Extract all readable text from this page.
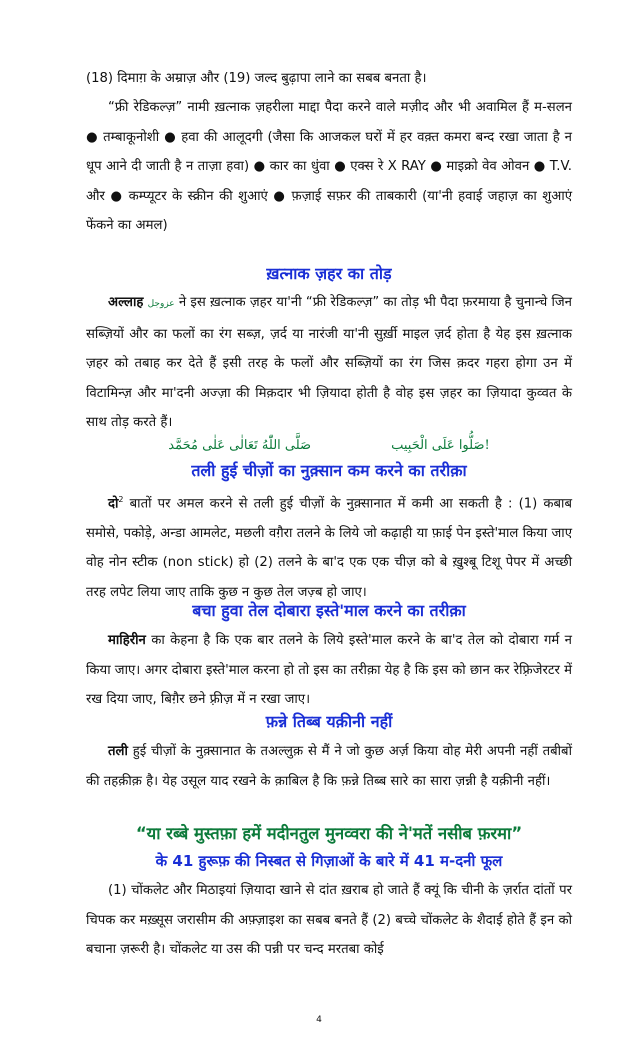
(18) दिमाग़ के अम्राज़ और (19) जल्द बुढ़ापा लाने का सबब बनता है।

“फ्री रेडिकल्ज़” नामी ख़त्नाक ज़हरीला माद्दा पैदा करने वाले मज़ीद और भी अवामिल हैं म-सलन ● तम्बाकूनोशी ● हवा की आलूदगी (जैसा कि आजकल घरों में हर वक़्त कमरा बन्द रखा जाता है न धूप आने दी जाती है न ताज़ा हवा) ● कार का धुंवा ● एक्स रे X RAY ● माइक्रो वेव ओवन ● T.V. और ● कम्प्यूटर के स्क्रीन की शुआएं ● फ़ज़ाई सफ़र की ताबकारी (या'नी हवाई जहाज़ का शुआएं फेंकने का अमल)

ख़त्नाक ज़हर का तोड़

अल्लाह عزوجل ने इस ख़त्नाक ज़हर या'नी “फ्री रेडिकल्ज़” का तोड़ भी पैदा फ़रमाया है चुनान्चे जिन सब्ज़ियों और का फलों का रंग सब्ज़, ज़र्द या नारंजी या'नी सुर्ख़ी माइल ज़र्द होता है येह इस ख़त्नाक ज़हर को तबाह कर देते हैं इसी तरह के फलों और सब्ज़ियों का रंग जिस क़दर गहरा होगा उन में विटामिन्ज़ और मा'दनी अज्ज़ा की मिक़दार भी ज़ियादा होती है वोह इस ज़हर का ज़ियादा कुव्वत के साथ तोड़ करते हैं।

صَلَّى اللّٰهُ تَعَالٰى عَلٰى مُحَمَّد	صَلُّوا عَلَى الْحَبِيب!
तली हुई चीज़ों का नुक़्सान कम करने का तरीक़ा

दो$^2$ बातों पर अमल करने से तली हुई चीज़ों के नुक़्सानात में कमी आ सकती है : (1) कबाब समोसे, पकोड़े, अन्डा आमलेट, मछली वग़ैरा तलने के लिये जो कढ़ाही या फ़ाई पेन इस्ते'माल किया जाए वोह नोन स्टीक (non stick) हो (2) तलने के बा'द एक एक चीज़ को बे ख़ुश्बू टिशू पेपर में अच्छी तरह लपेट लिया जाए ताकि कुछ न कुछ तेल जज़्ब हो जाए।

बचा हुवा तेल दोबारा इस्ते'माल करने का तरीक़ा

माहिरीन का केहना है कि एक बार तलने के लिये इस्ते'माल करने के बा'द तेल को दोबारा गर्म न किया जाए। अगर दोबारा इस्ते'माल करना हो तो इस का तरीक़ा येह है कि इस को छान कर रेफ़्रिजेरटर में रख दिया जाए, बिग़ैर छने फ़्रीज़ में न रखा जाए।

फ़न्ने तिब्ब यक़ीनी नहीं

तली हुई चीज़ों के नुक़्सानात के तअल्लुक़ से मैं ने जो कुछ अर्ज़ किया वोह मेरी अपनी नहीं तबीबों की तहक़ीक़ है। येह उसूल याद रखने के क़ाबिल है कि फ़न्ने तिब्ब सारे का सारा ज़न्नी है यक़ीनी नहीं।

“या रब्बे मुस्तफ़ा हमें मदीनतुल मुनव्वरा की ने'मतें नसीब फ़रमा”
के 41 हुरूफ़ की निस्बत से गिज़ाओं के बारे में 41 म-दनी फूल

(1) चोंकलेट और मिठाइयां ज़ियादा खाने से दांत ख़राब हो जाते हैं क्यूं कि चीनी के ज़र्रात दांतों पर चिपक कर मख़्सूस जरासीम की अफ़्ज़ाइश का सबब बनते हैं (2) बच्चे चोंकलेट के शैदाई होते हैं इन को बचाना ज़रूरी है। चोंकलेट या उस की पन्नी पर चन्द मरतबा कोई

4
